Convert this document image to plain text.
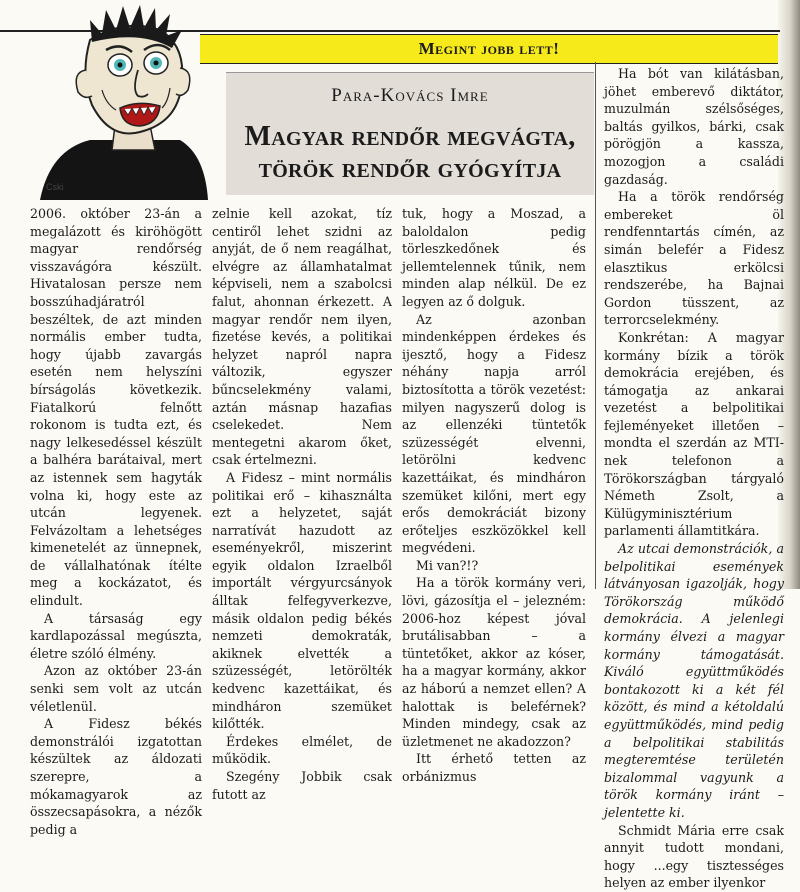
Megint jobb lett!
Cski
Para-Kovács Imre
Magyar rendőr megvágta,
török rendőr gyógyítja

2006. október 23-án a megalázott és kiröhögött magyar rendőrség visszavágóra készült. Hivatalosan persze nem bosszúhadjáratról beszéltek, de azt minden normális ember tudta, hogy újabb zavargás esetén nem helyszíni bírságolás következik. Fiatalkorú felnőtt rokonom is tudta ezt, és nagy lelkesedéssel készült a balhéra barátaival, mert az istennek sem hagyták volna ki, hogy este az utcán legyenek. Felvázoltam a lehetséges kimenetelét az ünnepnek, de vállalhatónak ítélte meg a kockázatot, és elindult.

A társaság egy kardlapozással megúszta, életre szóló élmény.

Azon az október 23-án senki sem volt az utcán véletlenül.

A Fidesz békés demonstrálói izgatottan készültek az áldozati szerepre, a mókamagyarok az összecsapásokra, a nézők pedig a

zelnie kell azokat, tíz centiről lehet szidni az anyját, de ő nem reagálhat, elvégre az államhatalmat képviseli, nem a szabolcsi falut, ahonnan érkezett. A magyar rendőr nem ilyen, fizetése kevés, a politikai helyzet napról napra változik, egyszer bűncselekmény valami, aztán másnap hazafias cselekedet. Nem mentegetni akarom őket, csak értelmezni.

A Fidesz – mint normális politikai erő – kihasználta ezt a helyzetet, saját narratívát hazudott az eseményekről, miszerint egyik oldalon Izraelből importált vérgyurcsányok álltak felfegyverkezve, másik oldalon pedig békés nemzeti demokraták, akiknek elvették a szüzességét, letörölték kedvenc kazettáikat, és mindháron szemüket kilőtték.

Érdekes elmélet, de működik.

Szegény Jobbik csak futott az

tuk, hogy a Moszad, a baloldalon pedig törleszkedőnek és jellemtelennek tűnik, nem minden alap nélkül. De ez legyen az ő dolguk.

Az azonban mindenképpen érdekes és ijesztő, hogy a Fidesz néhány napja arról biztosította a török vezetést: milyen nagyszerű dolog is az ellenzéki tüntetők szüzességét elvenni, letörölni kedvenc kazettáikat, és mindháron szemüket kilőni, mert egy erős demokráciát bizony erőteljes eszközökkel kell megvédeni.

Mi van?!?

Ha a török kormány veri, lövi, gázosítja el – jelezném: 2006-hoz képest jóval brutálisabban – a tüntetőket, akkor az kóser, ha a magyar kormány, akkor az háború a nemzet ellen? A halottak is beleférnek? Minden mindegy, csak az üzletmenet ne akadozzon?

Itt érhető tetten az orbánizmus

Ha bót van kilátásban, jöhet emberevő diktátor, muzulmán szélsőséges, baltás gyilkos, bárki, csak pörögjön a kassza, mozogjon a családi gazdaság.

Ha a török rendőrség embereket öl rendfenntartás címén, az simán belefér a Fidesz elasztikus erkölcsi rendszerébe, ha Bajnai Gordon tüsszent, az terrorcselekmény.

Konkrétan: A magyar kormány bízik a török demokrácia erejében, és támogatja az ankarai vezetést a belpolitikai fejleményeket illetően – mondta el szerdán az MTI-nek telefonon a Törökországban tárgyaló Németh Zsolt, a Külügyminisztérium parlamenti államtitkára.

Az utcai demonstrációk, a belpolitikai események látványosan igazolják, hogy Törökország működő demokrácia. A jelenlegi kormány élvezi a magyar kormány támogatását. Kiváló együttműködés bontakozott ki a két fél között, és mind a kétoldalú együttműködés, mind pedig a belpolitikai stabilitás megteremtése területén bizalommal vagyunk a török kormány iránt – jelentette ki.

Schmidt Mária erre csak annyit tudott mondani, hogy ...egy tisztességes helyen az ember ilyenkor
